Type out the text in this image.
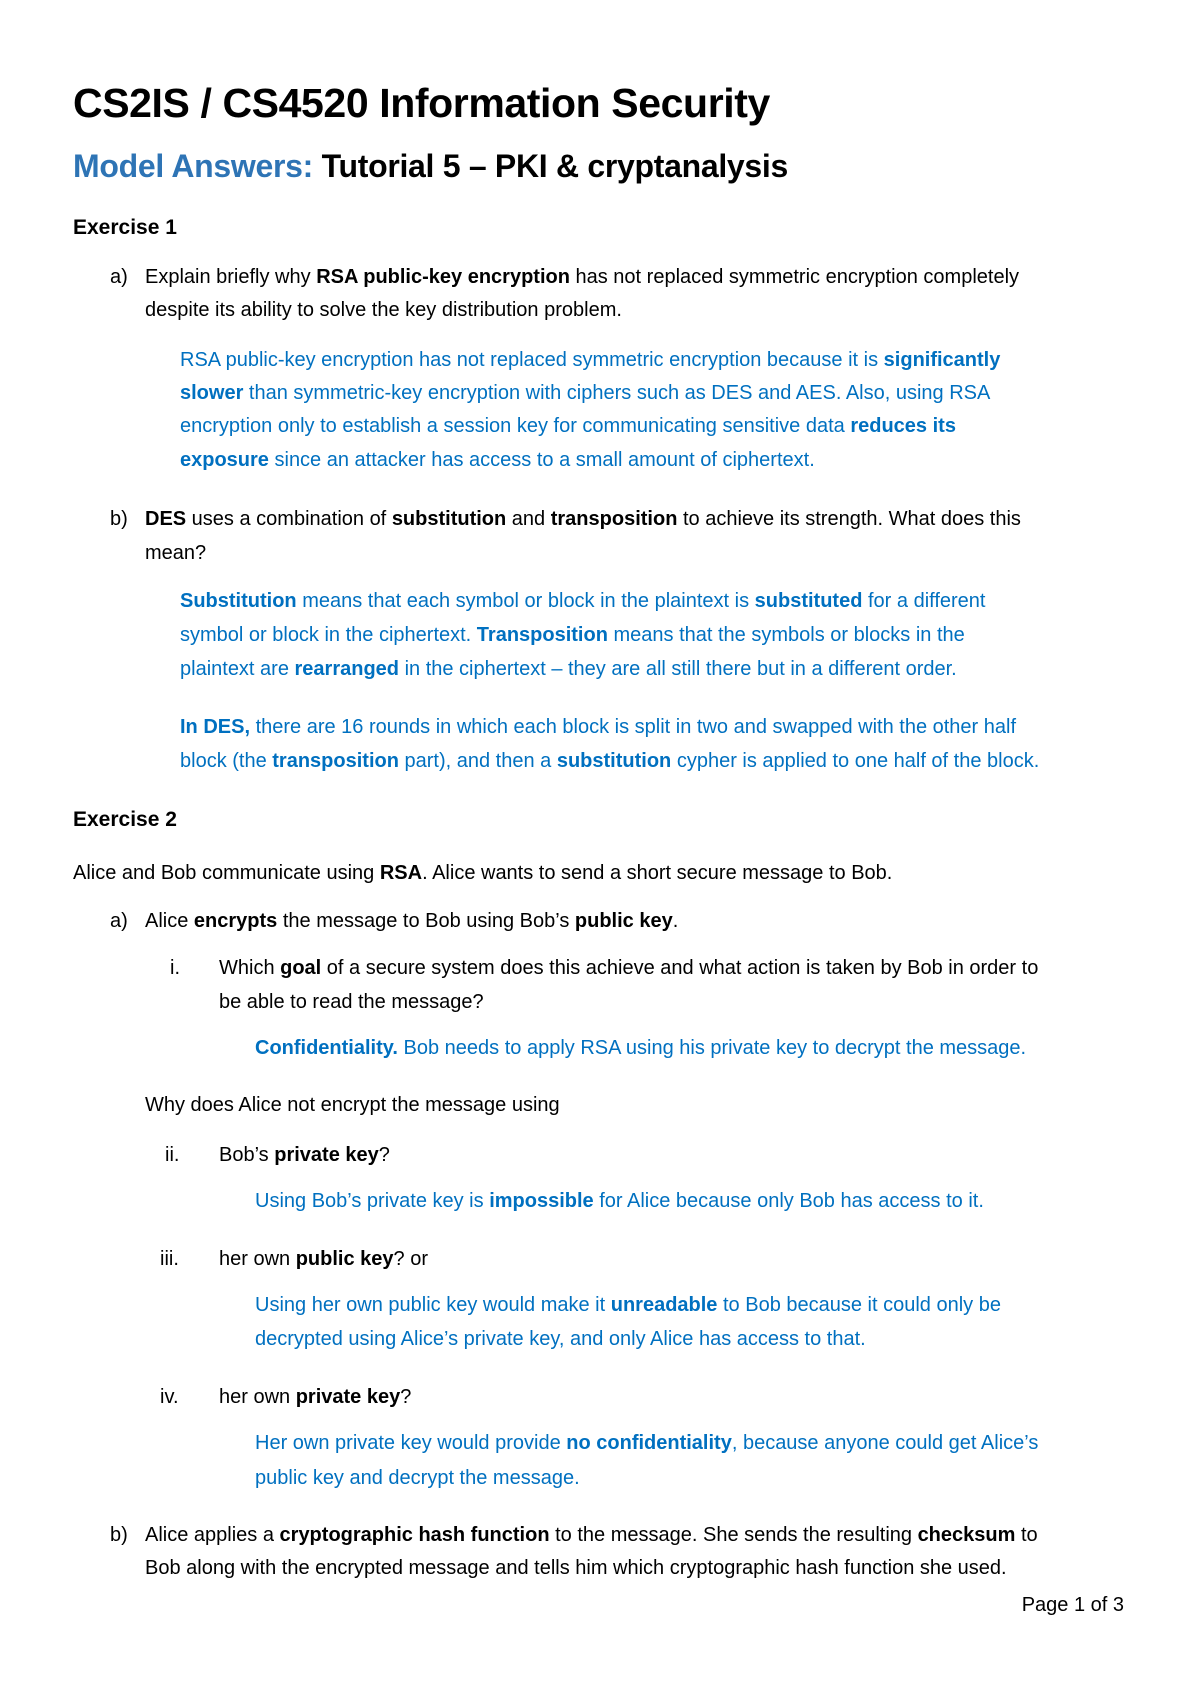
CS2IS / CS4520 Information Security
Model Answers: Tutorial 5 – PKI & cryptanalysis
Exercise 1
a) Explain briefly why RSA public-key encryption has not replaced symmetric encryption completely
despite its ability to solve the key distribution problem.
RSA public-key encryption has not replaced symmetric encryption because it is significantly
slower than symmetric-key encryption with ciphers such as DES and AES. Also, using RSA
encryption only to establish a session key for communicating sensitive data reduces its
exposure since an attacker has access to a small amount of ciphertext.
b) DES uses a combination of substitution and transposition to achieve its strength. What does this
mean?
Substitution means that each symbol or block in the plaintext is substituted for a different
symbol or block in the ciphertext. Transposition means that the symbols or blocks in the
plaintext are rearranged in the ciphertext – they are all still there but in a different order.
In DES, there are 16 rounds in which each block is split in two and swapped with the other half
block (the transposition part), and then a substitution cypher is applied to one half of the block.
Exercise 2
Alice and Bob communicate using RSA. Alice wants to send a short secure message to Bob.
a) Alice encrypts the message to Bob using Bob’s public key.
i. Which goal of a secure system does this achieve and what action is taken by Bob in order to
be able to read the message?
Confidentiality. Bob needs to apply RSA using his private key to decrypt the message.
Why does Alice not encrypt the message using
ii. Bob’s private key?
Using Bob’s private key is impossible for Alice because only Bob has access to it.
iii. her own public key? or
Using her own public key would make it unreadable to Bob because it could only be
decrypted using Alice’s private key, and only Alice has access to that.
iv. her own private key?
Her own private key would provide no confidentiality, because anyone could get Alice’s
public key and decrypt the message.
b) Alice applies a cryptographic hash function to the message. She sends the resulting checksum to
Bob along with the encrypted message and tells him which cryptographic hash function she used.
Page 1 of 3
